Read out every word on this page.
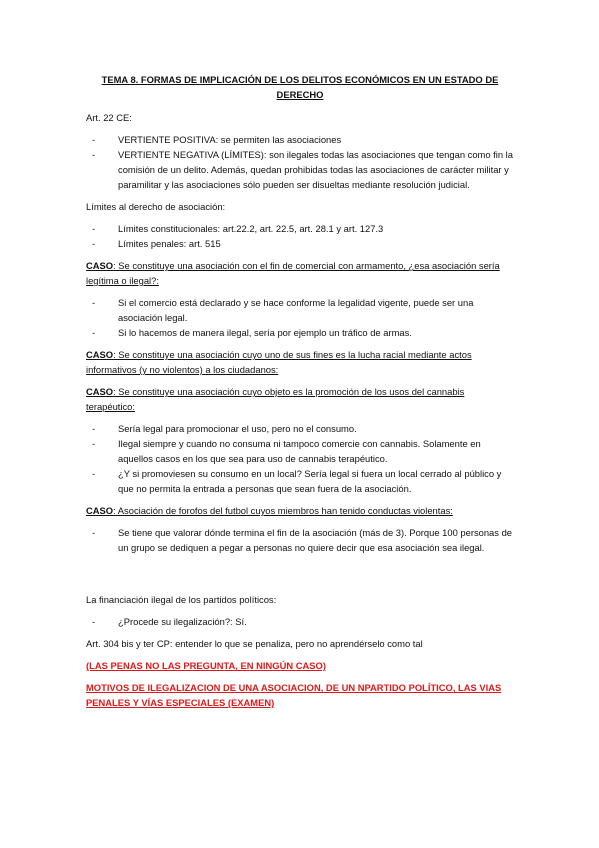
TEMA 8. FORMAS DE IMPLICACIÓN DE LOS DELITOS ECONÓMICOS EN UN ESTADO DE DERECHO

Art. 22 CE:

- VERTIENTE POSITIVA: se permiten las asociaciones
- VERTIENTE NEGATIVA (LÍMITES): son ilegales todas las asociaciones que tengan como fin la comisión de un delito. Además, quedan prohibidas todas las asociaciones de carácter militar y paramilitar y las asociaciones sólo pueden ser disueltas mediante resolución judicial.

Límites al derecho de asociación:

- Límites constitucionales: art.22.2, art. 22.5, art. 28.1 y art. 127.3
- Límites penales: art. 515

CASO: Se constituye una asociación con el fin de comercial con armamento, ¿esa asociación sería legítima o ilegal?:

- Si el comercio está declarado y se hace conforme la legalidad vigente, puede ser una asociación legal.
- Si lo hacemos de manera ilegal, sería por ejemplo un tráfico de armas.

CASO: Se constituye una asociación cuyo uno de sus fines es la lucha racial mediante actos informativos (y no violentos) a los ciudadanos:

CASO: Se constituye una asociación cuyo objeto es la promoción de los usos del cannabis terapéutico:

- Sería legal para promocionar el uso, pero no el consumo.
- Ilegal siempre y cuando no consuma ni tampoco comercie con cannabis. Solamente en aquellos casos en los que sea para uso de cannabis terapéutico.
- ¿Y si promoviesen su consumo en un local? Sería legal si fuera un local cerrado al público y que no permita la entrada a personas que sean fuera de la asociación.

CASO: Asociación de forofos del futbol cuyos miembros han tenido conductas violentas:

- Se tiene que valorar dónde termina el fin de la asociación (más de 3). Porque 100 personas de un grupo se dediquen a pegar a personas no quiere decir que esa asociación sea ilegal.

La financiación ilegal de los partidos políticos:

- ¿Procede su ilegalización?: Sí.

Art. 304 bis y ter CP: entender lo que se penaliza, pero no aprendérselo como tal

(LAS PENAS NO LAS PREGUNTA, EN NINGÚN CASO)

MOTIVOS DE ILEGALIZACION DE UNA ASOCIACION, DE UN NPARTIDO POLÍTICO, LAS VIAS PENALES Y VÍAS ESPECIALES (EXAMEN)
